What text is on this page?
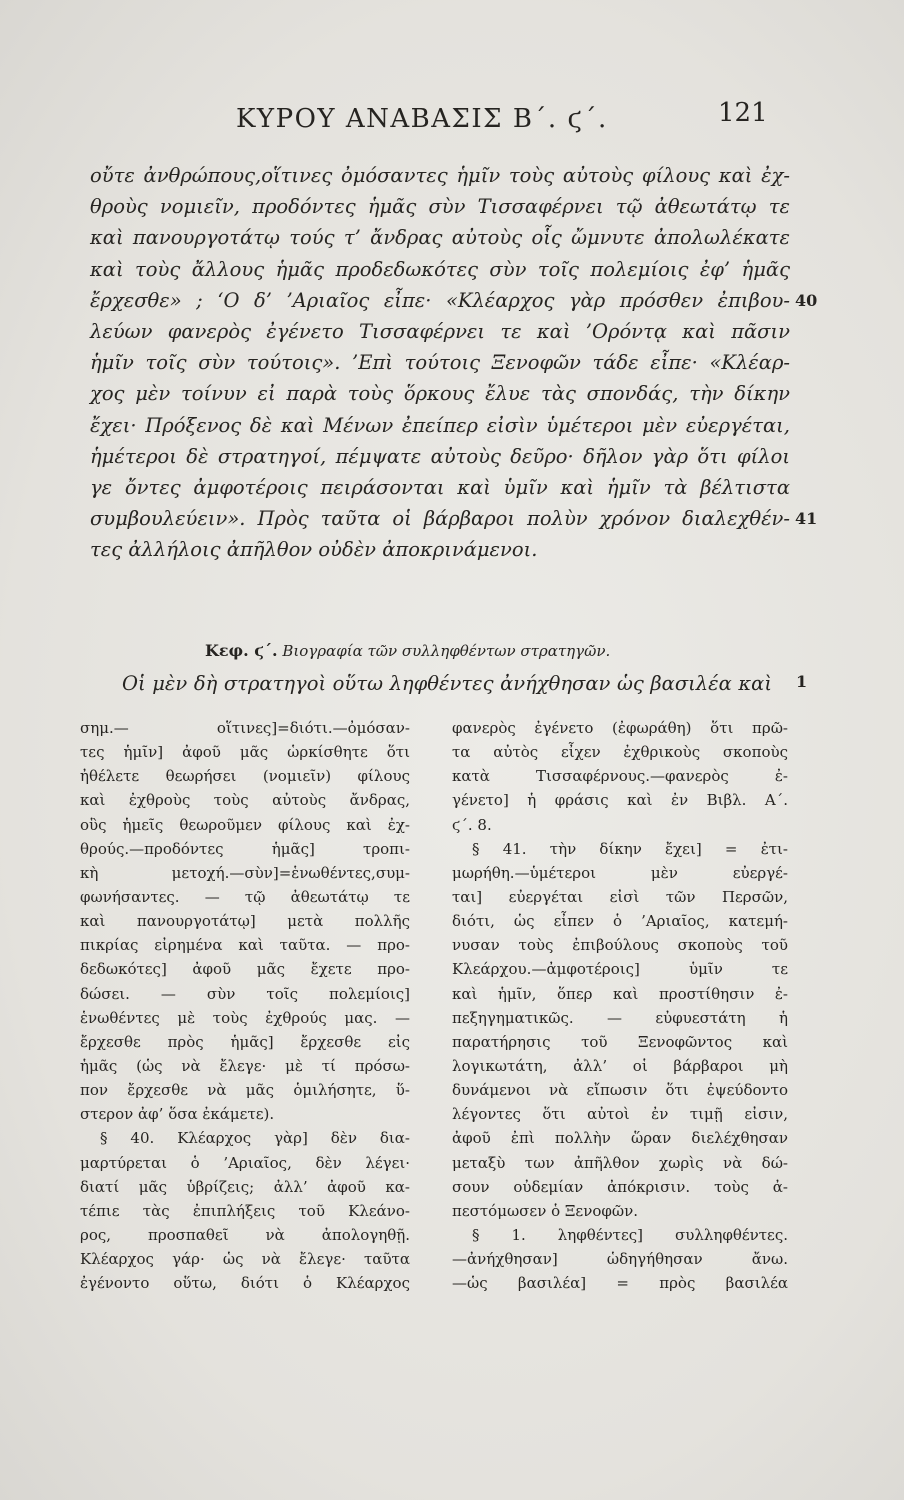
ΚΥΡΟΥ ΑΝΑΒΑΣΙΣ Β΄. ϛ΄.	121
οὔτε ἀνθρώπους,οἵτινες ὀμόσαντες ἡμῖν τοὺς αὐτοὺς φίλους καὶ ἐχ-
θροὺς νομιεῖν, προδόντες ἡμᾶς σὺν Τισσαφέρνει τῷ ἀθεωτάτῳ τε
καὶ πανουργοτάτῳ τούς τ’ ἄνδρας αὐτοὺς οἷς ὤμνυτε ἀπολωλέκατε
καὶ τοὺς ἄλλους ἡμᾶς προδεδωκότες σὺν τοῖς πολεμίοις ἐφ’ ἡμᾶς
ἔρχεσθε» ; ‘Ο δ’ ’Αριαῖος εἶπε· «Κλέαρχος γὰρ πρόσθεν ἐπιβου- 40
λεύων φανερὸς ἐγένετο Τισσαφέρνει τε καὶ ’Ορόντᾳ καὶ πᾶσιν
ἡμῖν τοῖς σὺν τούτοις». ’Επὶ τούτοις Ξενοφῶν τάδε εἶπε· «Κλέαρ-
χος μὲν τοίνυν εἰ παρὰ τοὺς ὅρκους ἔλυε τὰς σπονδάς, τὴν δίκην
ἔχει· Πρόξενος δὲ καὶ Μένων ἐπείπερ εἰσὶν ὑμέτεροι μὲν εὐεργέται,
ἡμέτεροι δὲ στρατηγοί, πέμψατε αὐτοὺς δεῦρο· δῆλον γὰρ ὅτι φίλοι
γε ὄντες ἀμφοτέροις πειράσονται καὶ ὑμῖν καὶ ἡμῖν τὰ βέλτιστα
συμβουλεύειν». Πρὸς ταῦτα οἱ βάρβαροι πολὺν χρόνον διαλεχθέν- 41
τες ἀλλήλοις ἀπῆλθον οὐδὲν ἀποκρινάμενοι.
Κεφ. ϛ΄. Βιογραφία τῶν συλληφθέντων στρατηγῶν.
Οἱ μὲν δὴ στρατηγοὶ οὕτω ληφθέντες ἀνήχθησαν ὡς βασιλέα καὶ 1
σημ.— οἵτινες]=διότι.—ὀμόσαν-
τες ἡμῖν] ἀφοῦ μᾶς ὡρκίσθητε ὅτι
ἠθέλετε θεωρήσει (νομιεῖν) φίλους
καὶ ἐχθροὺς τοὺς αὐτοὺς ἄνδρας,
οὓς ἡμεῖς θεωροῦμεν φίλους καὶ ἐχ-
θρούς.—προδόντες ἡμᾶς] τροπι-
κὴ μετοχή.—σὺν]=ἑνωθέντες,συμ-
φωνήσαντες. — τῷ ἀθεωτάτῳ τε
καὶ πανουργοτάτῳ] μετὰ πολλῆς
πικρίας εἰρημένα καὶ ταῦτα. — προ-
δεδωκότες] ἀφοῦ μᾶς ἔχετε προ-
δώσει. — σὺν τοῖς πολεμίοις]
ἑνωθέντες μὲ τοὺς ἐχθρούς μας. —
ἔρχεσθε πρὸς ἡμᾶς] ἔρχεσθε εἰς
ἡμᾶς (ὡς νὰ ἔλεγε· μὲ τί πρόσω-
πον ἔρχεσθε νὰ μᾶς ὁμιλήσητε, ὕ-
στερον ἀφ’ ὅσα ἐκάμετε).
§ 40. Κλέαρχος γὰρ] δὲν δια-
μαρτύρεται ὁ ’Αριαῖος, δὲν λέγει·
διατί μᾶς ὑβρίζεις; ἀλλ’ ἀφοῦ κα-
τέπιε τὰς ἐπιπλήξεις τοῦ Κλεάνο-
ρος, προσπαθεῖ νὰ ἀπολογηθῇ.
Κλέαρχος γάρ· ὡς νὰ ἔλεγε· ταῦτα
ἐγένοντο οὕτω, διότι ὁ Κλέαρχος
φανερὸς ἐγένετο (ἐφωράθη) ὅτι πρῶ-
τα αὐτὸς εἶχεν ἐχθρικοὺς σκοποὺς
κατὰ Τισσαφέρνους.—φανερὸς ἐ-
γένετο] ἡ φράσις καὶ ἐν Βιβλ. Α΄.
ϛ΄. 8.
§ 41. τὴν δίκην ἔχει] = ἐτι-
μωρήθη.—ὑμέτεροι μὲν εὐεργέ-
ται] εὐεργέται εἰσὶ τῶν Περσῶν,
διότι, ὡς εἶπεν ὁ ’Αριαῖος, κατεμή-
νυσαν τοὺς ἐπιβούλους σκοποὺς τοῦ
Κλεάρχου.—ἀμφοτέροις] ὑμῖν τε
καὶ ἡμῖν, ὅπερ καὶ προστίθησιν ἐ-
πεξηγηματικῶς. — εὐφυεστάτη ἡ
παρατήρησις τοῦ Ξενοφῶντος καὶ
λογικωτάτη, ἀλλ’ οἱ βάρβαροι μὴ
δυνάμενοι νὰ εἴπωσιν ὅτι ἐψεύδοντο
λέγοντες ὅτι αὐτοὶ ἐν τιμῇ εἰσιν,
ἀφοῦ ἐπὶ πολλὴν ὥραν διελέχθησαν
μεταξὺ των ἀπῆλθον χωρὶς νὰ δώ-
σουν οὐδεμίαν ἀπόκρισιν. τοὺς ἀ-
πεστόμωσεν ὁ Ξενοφῶν.
§ 1. ληφθέντες] συλληφθέντες.
—ἀνήχθησαν] ὡδηγήθησαν ἄνω.
—ὡς βασιλέα] = πρὸς βασιλέα
